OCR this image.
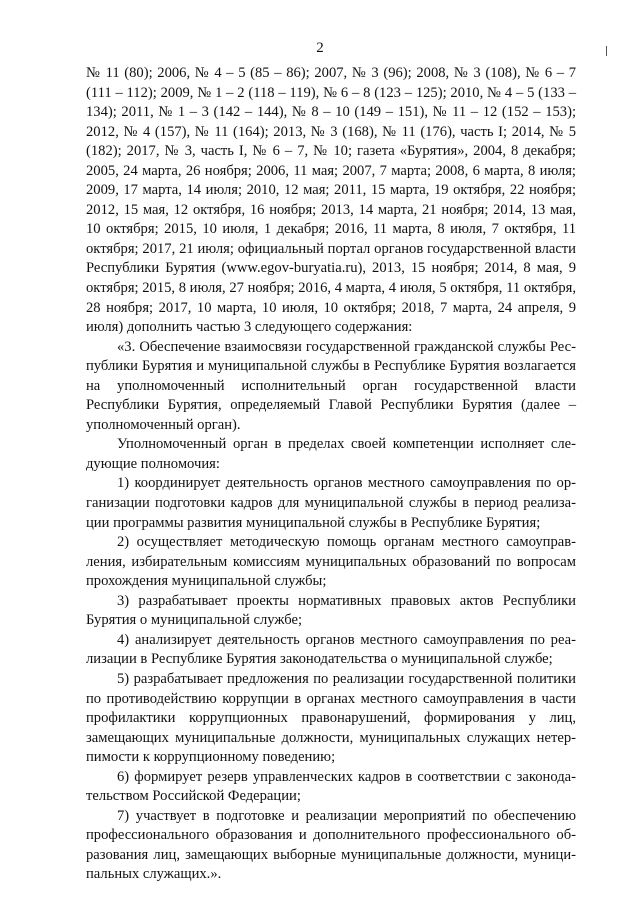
2

№ 11 (80); 2006, № 4 – 5 (85 – 86); 2007, № 3 (96); 2008, № 3 (108), № 6 – 7 (111 – 112); 2009, № 1 – 2 (118 – 119), № 6 – 8 (123 – 125); 2010, № 4 – 5 (133 – 134); 2011, № 1 – 3 (142 – 144), № 8 – 10 (149 – 151), № 11 – 12 (152 – 153); 2012, № 4 (157), № 11 (164); 2013, № 3 (168), № 11 (176), часть I; 2014, № 5 (182); 2017, № 3, часть I, № 6 – 7, № 10; газета «Бурятия», 2004, 8 декабря; 2005, 24 марта, 26 ноября; 2006, 11 мая; 2007, 7 марта; 2008, 6 марта, 8 июля; 2009, 17 марта, 14 июля; 2010, 12 мая; 2011, 15 марта, 19 октября, 22 ноября; 2012, 15 мая, 12 октября, 16 ноября; 2013, 14 марта, 21 ноября; 2014, 13 мая, 10 октября; 2015, 10 июля, 1 декабря; 2016, 11 марта, 8 июля, 7 октября, 11 октября; 2017, 21 июля; официальный портал органов государственной власти Республики Бурятия (www.egov-buryatia.ru), 2013, 15 ноября; 2014, 8 мая, 9 октября; 2015, 8 июля, 27 ноября; 2016, 4 марта, 4 июля, 5 октября, 11 октября, 28 ноября; 2017, 10 марта, 10 июля, 10 октября; 2018, 7 марта, 24 апреля, 9 июля) дополнить частью 3 следующего содержания:

«3. Обеспечение взаимосвязи государственной гражданской службы Республики Бурятия и муниципальной службы в Республике Бурятия возлагается на уполномоченный исполнительный орган государственной власти Республики Бурятия, определяемый Главой Республики Бурятия (далее – уполномоченный орган).

Уполномоченный орган в пределах своей компетенции исполняет следующие полномочия:

1) координирует деятельность органов местного самоуправления по организации подготовки кадров для муниципальной службы в период реализации программы развития муниципальной службы в Республике Бурятия;

2) осуществляет методическую помощь органам местного самоуправления, избирательным комиссиям муниципальных образований по вопросам прохождения муниципальной службы;

3) разрабатывает проекты нормативных правовых актов Республики Бурятия о муниципальной службе;

4) анализирует деятельность органов местного самоуправления по реализации в Республике Бурятия законодательства о муниципальной службе;

5) разрабатывает предложения по реализации государственной политики по противодействию коррупции в органах местного самоуправления в части профилактики коррупционных правонарушений, формирования у лиц, замещающих муниципальные должности, муниципальных служащих нетерпимости к коррупционному поведению;

6) формирует резерв управленческих кадров в соответствии с законодательством Российской Федерации;

7) участвует в подготовке и реализации мероприятий по обеспечению профессионального образования и дополнительного профессионального образования лиц, замещающих выборные муниципальные должности, муниципальных служащих.».
